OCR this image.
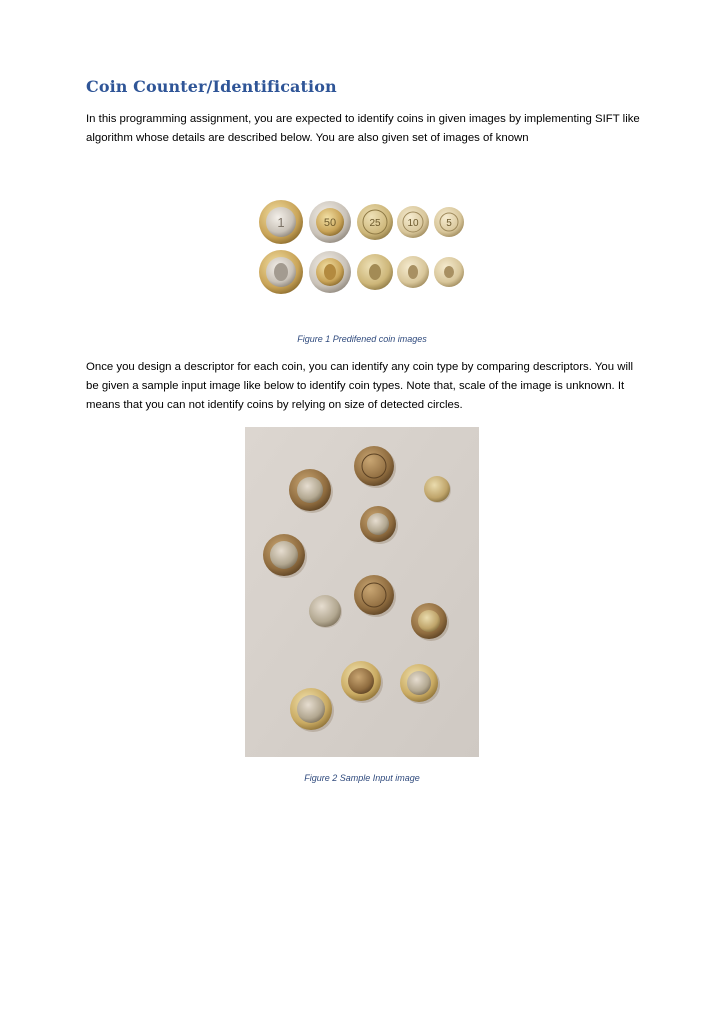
Coin Counter/Identification

In this programming assignment, you are expected to identify coins in given images by implementing SIFT like algorithm whose details are described below. You are also given set of images of known

1	50	25	10	5

Figure 1 Predifened coin images

Once you design a descriptor for each coin, you can identify any coin type by comparing descriptors. You will be given a sample input image like below to identify coin types. Note that, scale of the image is unknown. It means that you can not identify coins by relying on size of detected circles.

Figure 2 Sample Input image
